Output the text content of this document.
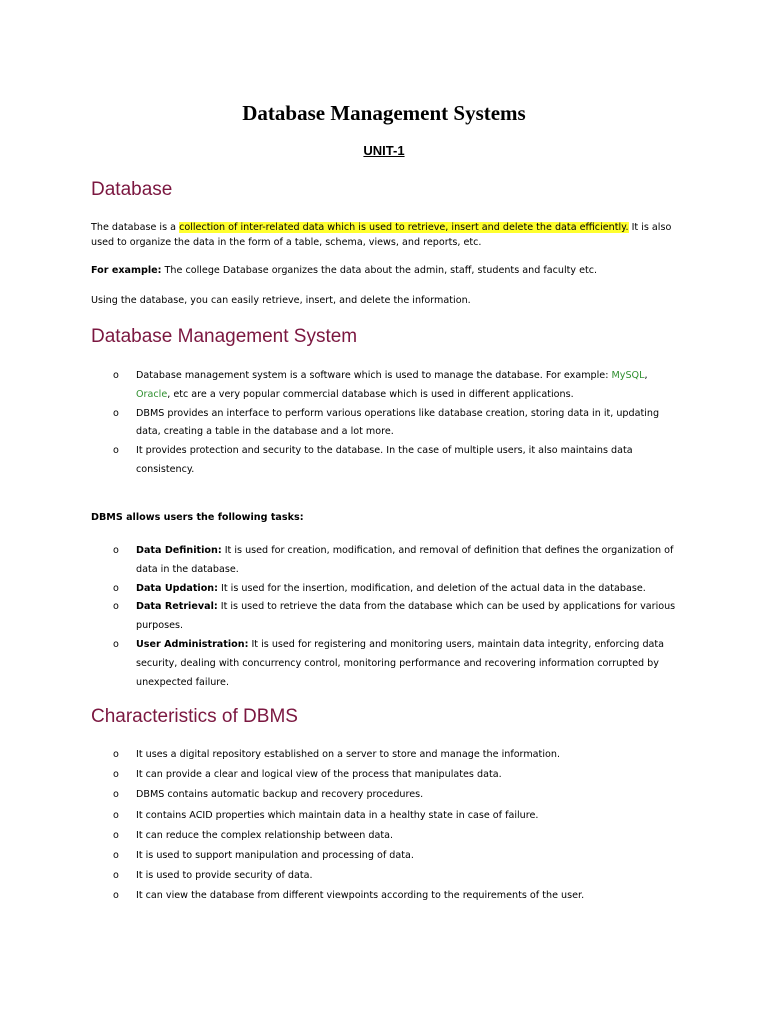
Database Management Systems
UNIT-1
Database

The database is a collection of inter-related data which is used to retrieve, insert and delete the data efficiently. It is also used to organize the data in the form of a table, schema, views, and reports, etc.

For example: The college Database organizes the data about the admin, staff, students and faculty etc.

Using the database, you can easily retrieve, insert, and delete the information.

Database Management System
o Database management system is a software which is used to manage the database. For example: MySQL, Oracle, etc are a very popular commercial database which is used in different applications.
o DBMS provides an interface to perform various operations like database creation, storing data in it, updating data, creating a table in the database and a lot more.
o It provides protection and security to the database. In the case of multiple users, it also maintains data consistency.

DBMS allows users the following tasks:

o Data Definition: It is used for creation, modification, and removal of definition that defines the organization of data in the database.
o Data Updation: It is used for the insertion, modification, and deletion of the actual data in the database.
o Data Retrieval: It is used to retrieve the data from the database which can be used by applications for various purposes.
o User Administration: It is used for registering and monitoring users, maintain data integrity, enforcing data security, dealing with concurrency control, monitoring performance and recovering information corrupted by unexpected failure.
Characteristics of DBMS
o It uses a digital repository established on a server to store and manage the information.
o It can provide a clear and logical view of the process that manipulates data.
o DBMS contains automatic backup and recovery procedures.
o It contains ACID properties which maintain data in a healthy state in case of failure.
o It can reduce the complex relationship between data.
o It is used to support manipulation and processing of data.
o It is used to provide security of data.
o It can view the database from different viewpoints according to the requirements of the user.
